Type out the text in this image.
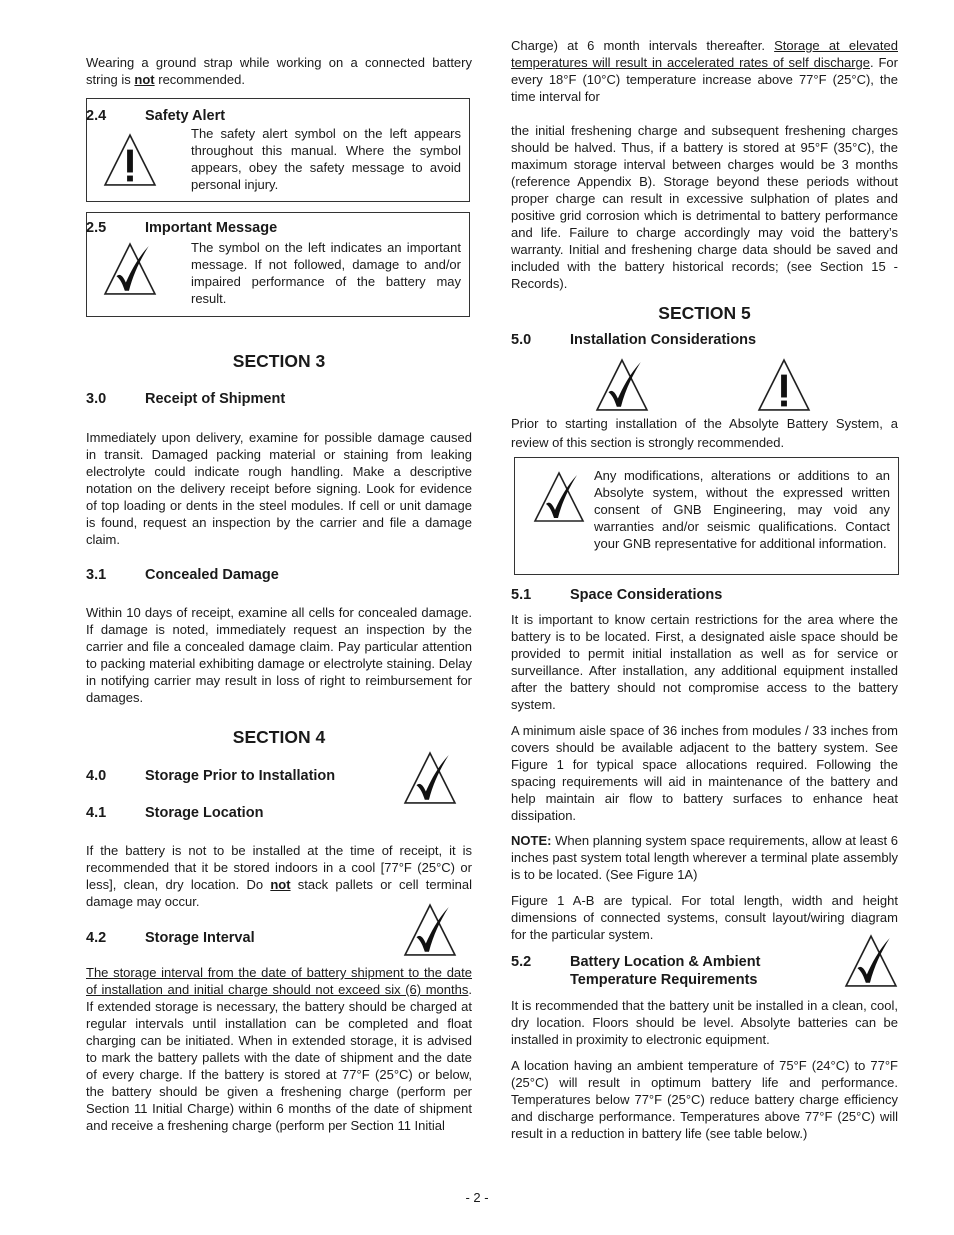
Wearing a ground strap while working on a connected battery string is not recommended.

2.4	Safety Alert

The safety alert symbol on the left appears throughout this manual. Where the symbol appears, obey the safety message to avoid personal injury.

2.5	Important Message

The symbol on the left indicates an important message. If not followed, damage to and/or impaired performance of the battery may result.

SECTION 3
3.0	Receipt of Shipment

Immediately upon delivery, examine for possible damage caused in transit. Damaged packing material or staining from leaking electrolyte could indicate rough handling. Make a descriptive notation on the delivery receipt before signing. Look for evidence of top loading or dents in the steel modules. If cell or unit damage is found, request an inspection by the carrier and file a damage claim.

3.1	Concealed Damage

Within 10 days of receipt, examine all cells for concealed damage. If damage is noted, immediately request an inspection by the carrier and file a concealed damage claim. Pay particular attention to packing material exhibiting damage or electrolyte staining. Delay in notifying carrier may result in loss of right to reimbursement for damages.

SECTION 4
4.0	Storage Prior to Installation
4.1	Storage Location

If the battery is not to be installed at the time of receipt, it is recommended that it be stored indoors in a cool [77°F (25°C) or less], clean, dry location. Do not stack pallets or cell terminal damage may occur.

4.2	Storage Interval

The storage interval from the date of battery shipment to the date of installation and initial charge should not exceed six (6) months. If extended storage is necessary, the battery should be charged at regular intervals until installation can be completed and float charging can be initiated. When in extended storage, it is advised to mark the battery pallets with the date of shipment and the date of every charge. If the battery is stored at 77°F (25°C) or below, the battery should be given a freshening charge (perform per Section 11 Initial Charge) within 6 months of the date of shipment and receive a freshening charge (perform per Section 11 Initial

Charge) at 6 month intervals thereafter. Storage at elevated temperatures will result in accelerated rates of self discharge. For every 18°F (10°C) temperature increase above 77°F (25°C), the time interval for

the initial freshening charge and subsequent freshening charges should be halved. Thus, if a battery is stored at 95°F (35°C), the maximum storage interval between charges would be 3 months (reference Appendix B). Storage beyond these periods without proper charge can result in excessive sulphation of plates and positive grid corrosion which is detrimental to battery performance and life. Failure to charge accordingly may void the battery’s warranty. Initial and freshening charge data should be saved and included with the battery historical records; (see Section 15 - Records).

SECTION 5
5.0	Installation Considerations

Prior to starting installation of the Absolyte Battery System, a review of this section is strongly recommended.

Any modifications, alterations or additions to an Absolyte system, without the expressed written consent of GNB Engineering, may void any warranties and/or seismic qualifications. Contact your GNB representative for additional information.

5.1	Space Considerations

It is important to know certain restrictions for the area where the battery is to be located. First, a designated aisle space should be provided to permit initial installation as well as for service or surveillance. After installation, any additional equipment installed after the battery should not compromise access to the battery system.

A minimum aisle space of 36 inches from modules / 33 inches from covers should be available adjacent to the battery system. See Figure 1 for typical space allocations required. Following the spacing requirements will aid in maintenance of the battery and help maintain air flow to battery surfaces to enhance heat dissipation.

NOTE: When planning system space requirements, allow at least 6 inches past system total length wherever a terminal plate assembly is to be located. (See Figure 1A)

Figure 1 A-B are typical. For total length, width and height dimensions of connected systems, consult layout/wiring diagram for the particular system.

5.2	Battery Location & Ambient
Temperature Requirements

It is recommended that the battery unit be installed in a clean, cool, dry location. Floors should be level. Absolyte batteries can be installed in proximity to electronic equipment.

A location having an ambient temperature of 75°F (24°C) to 77°F (25°C) will result in optimum battery life and performance. Temperatures below 77°F (25°C) reduce battery charge efficiency and discharge performance. Temperatures above 77°F (25°C) will result in a reduction in battery life (see table below.)

- 2 -
